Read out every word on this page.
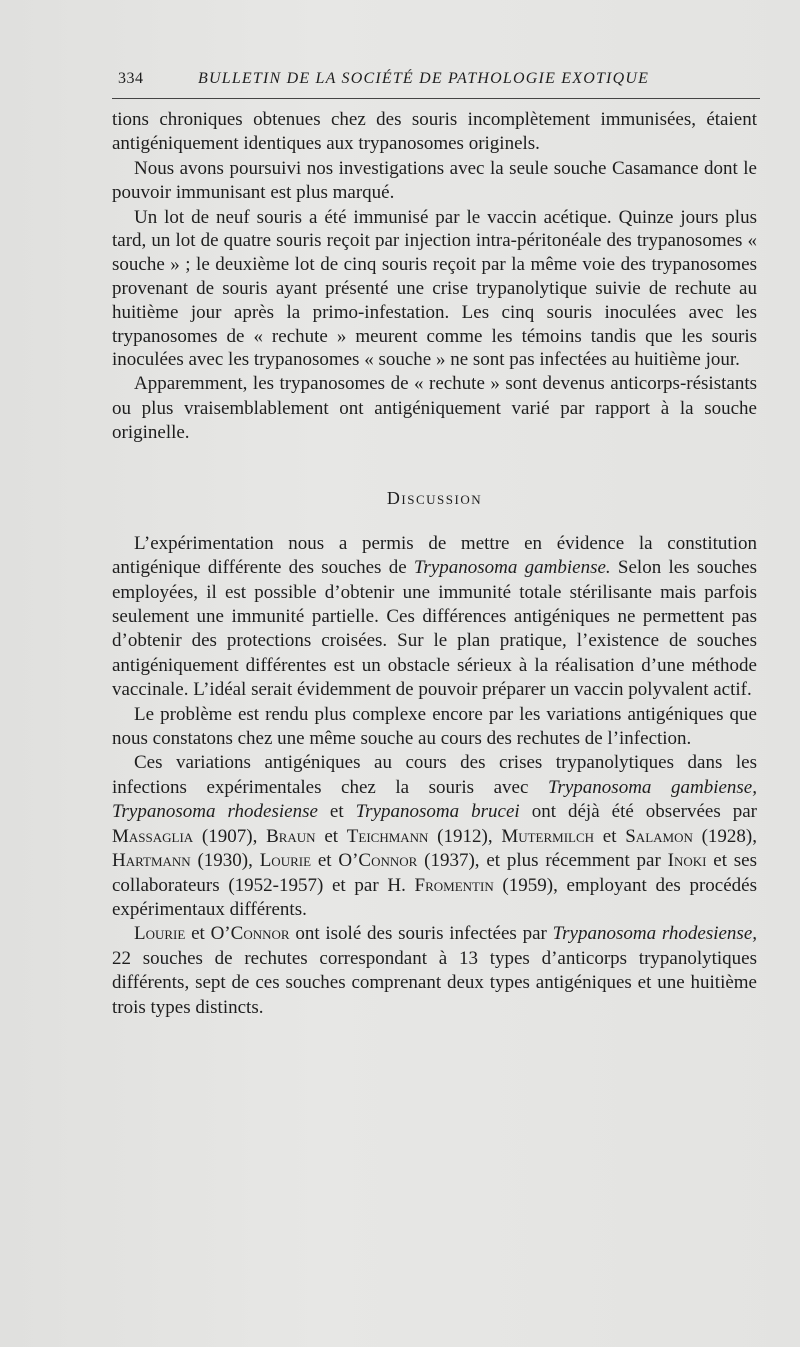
334	BULLETIN DE LA SOCIÉTÉ DE PATHOLOGIE EXOTIQUE

tions chroniques obtenues chez des souris incomplètement immunisées, étaient antigéniquement identiques aux trypanosomes originels.

Nous avons poursuivi nos investigations avec la seule souche Casamance dont le pouvoir immunisant est plus marqué.

Un lot de neuf souris a été immunisé par le vaccin acétique. Quinze jours plus tard, un lot de quatre souris reçoit par injection intra-péritonéale des trypanosomes « souche » ; le deuxième lot de cinq souris reçoit par la même voie des trypanosomes provenant de souris ayant présenté une crise trypanolytique suivie de rechute au huitième jour après la primo-infestation. Les cinq souris inoculées avec les trypanosomes de « rechute » meurent comme les témoins tandis que les souris inoculées avec les trypanosomes « souche » ne sont pas infectées au huitième jour.

Apparemment, les trypanosomes de « rechute » sont devenus anticorps-résistants ou plus vraisemblablement ont antigéniquement varié par rapport à la souche originelle.

Discussion

L’expérimentation nous a permis de mettre en évidence la constitution antigénique différente des souches de Trypanosoma gambiense. Selon les souches employées, il est possible d’obtenir une immunité totale stérilisante mais parfois seulement une immunité partielle. Ces différences antigéniques ne permettent pas d’obtenir des protections croisées. Sur le plan pratique, l’existence de souches antigéniquement différentes est un obstacle sérieux à la réalisation d’une méthode vaccinale. L’idéal serait évidemment de pouvoir préparer un vaccin polyvalent actif.

Le problème est rendu plus complexe encore par les variations antigéniques que nous constatons chez une même souche au cours des rechutes de l’infection.

Ces variations antigéniques au cours des crises trypanolytiques dans les infections expérimentales chez la souris avec Trypanosoma gambiense, Trypanosoma rhodesiense et Trypanosoma brucei ont déjà été observées par Massaglia (1907), Braun et Teichmann (1912), Mutermilch et Salamon (1928), Hartmann (1930), Lourie et O’Connor (1937), et plus récemment par Inoki et ses collaborateurs (1952-1957) et par H. Fromentin (1959), employant des procédés expérimentaux différents.

Lourie et O’Connor ont isolé des souris infectées par Trypanosoma rhodesiense, 22 souches de rechutes correspondant à 13 types d’anticorps trypanolytiques différents, sept de ces souches comprenant deux types antigéniques et une huitième trois types distincts.
